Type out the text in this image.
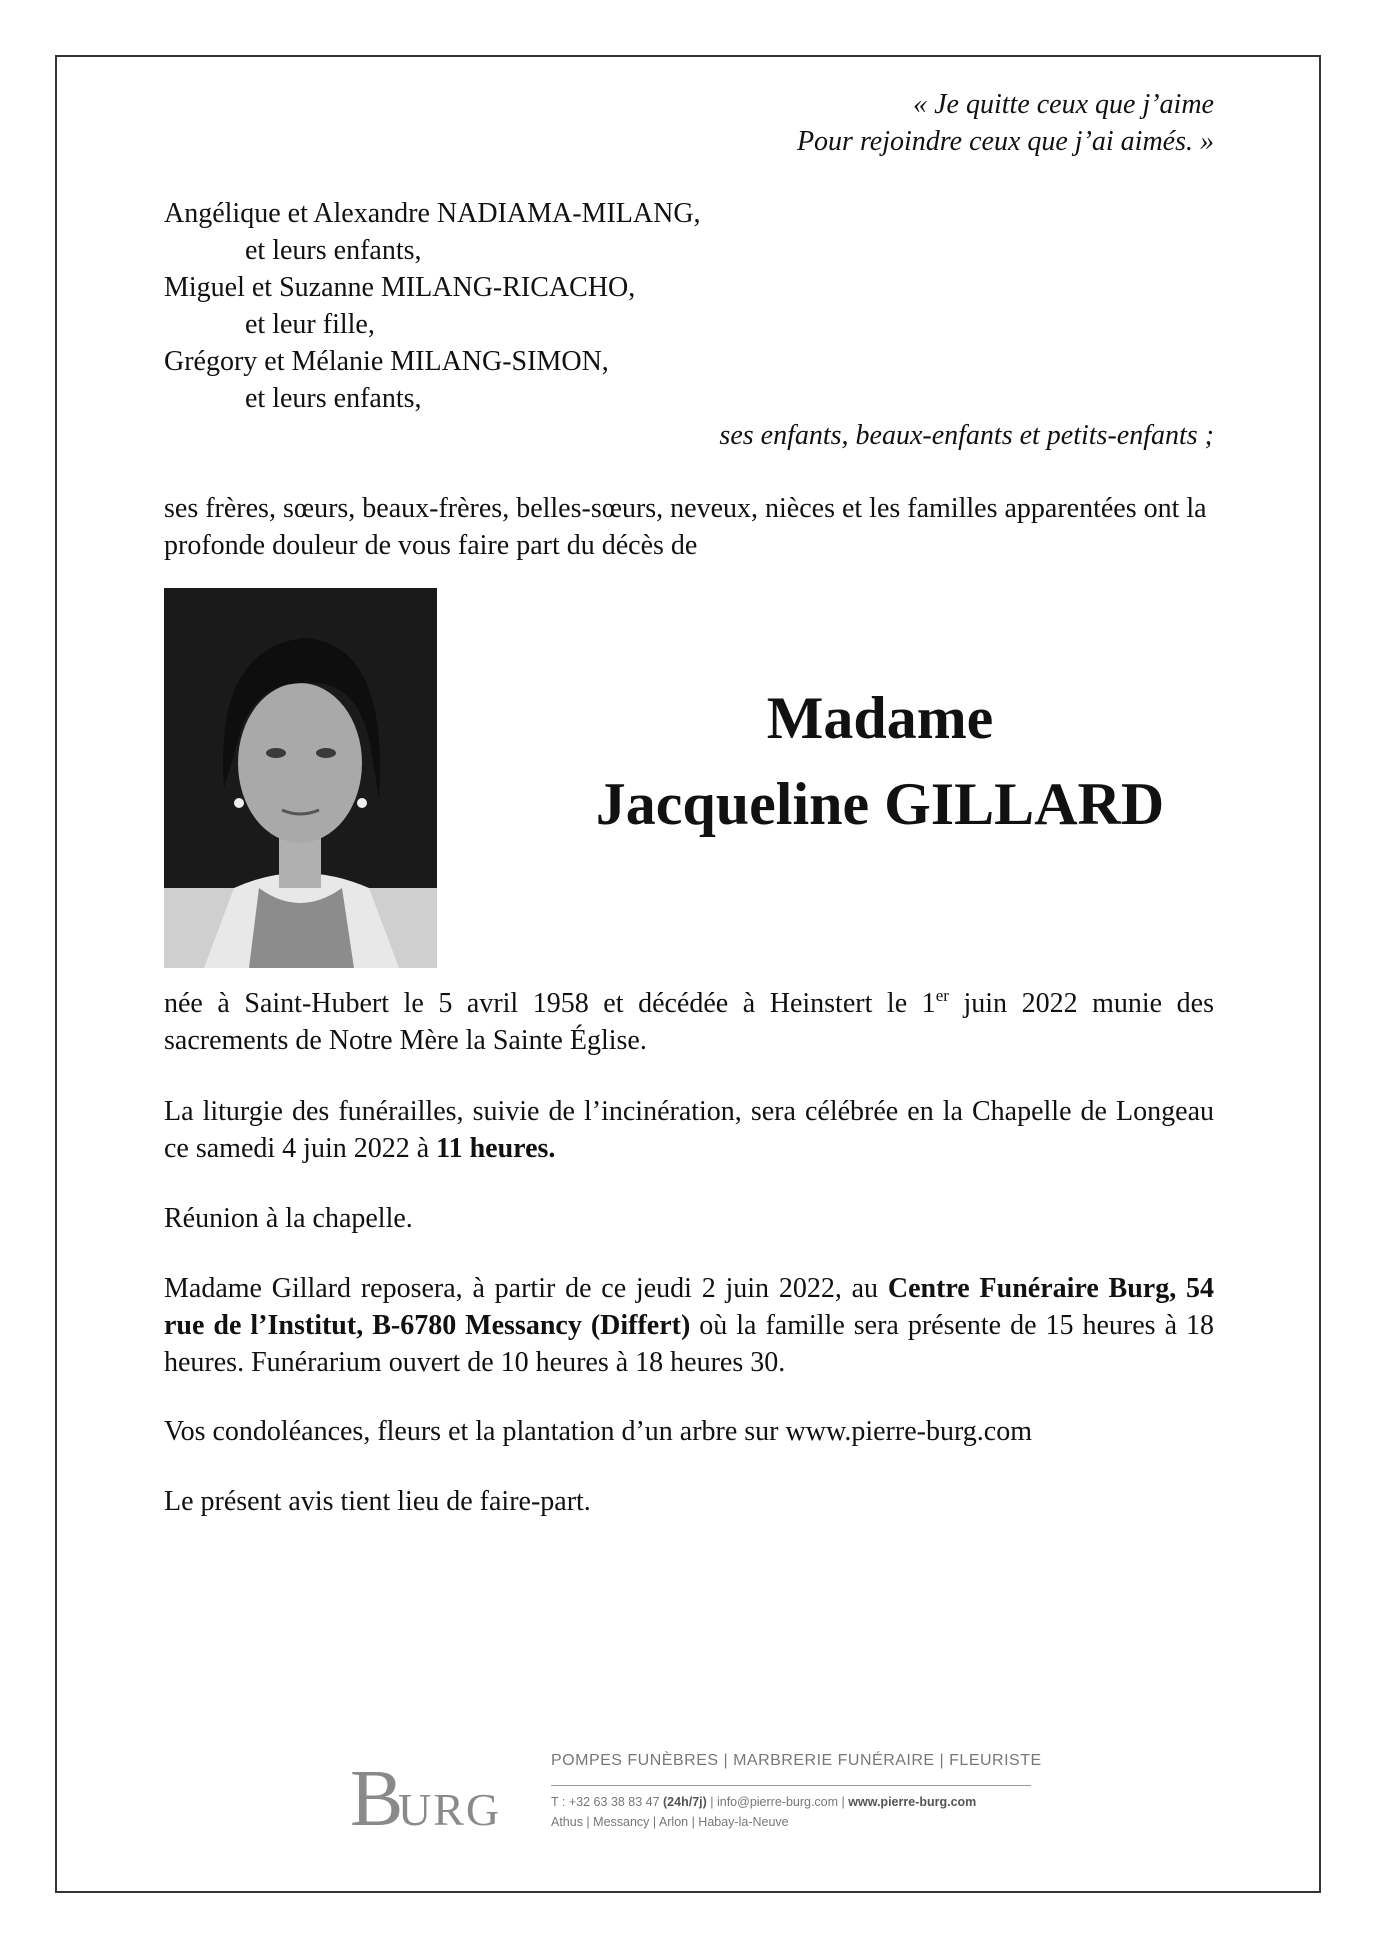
« Je quitte ceux que j’aime
Pour rejoindre ceux que j’ai aimés. »
Angélique et Alexandre NADIAMA-MILANG,
et leurs enfants,
Miguel et Suzanne MILANG-RICACHO,
et leur fille,
Grégory et Mélanie MILANG-SIMON,
et leurs enfants,
ses enfants, beaux-enfants et petits-enfants ;
ses frères, sœurs, beaux-frères, belles-sœurs, neveux, nièces et les familles apparentées ont la profonde douleur de vous faire part du décès de
Madame
Jacqueline GILLARD
née à Saint-Hubert le 5 avril 1958 et décédée à Heinstert le 1er juin 2022 munie des sacrements de Notre Mère la Sainte Église.
La liturgie des funérailles, suivie de l’incinération, sera célébrée en la Chapelle de Longeau ce samedi 4 juin 2022 à 11 heures.
Réunion à la chapelle.
Madame Gillard reposera, à partir de ce jeudi 2 juin 2022, au Centre Funéraire Burg, 54 rue de l’Institut, B-6780 Messancy (Differt) où la famille sera présente de 15 heures à 18 heures. Funérarium ouvert de 10 heures à 18 heures 30.
Vos condoléances, fleurs et la plantation d’un arbre sur www.pierre-burg.com
Le présent avis tient lieu de faire-part.
B
URG
POMPES FUNÈBRES | MARBRERIE FUNÉRAIRE | FLEURISTE
T : +32 63 38 83 47 (24h/7j) | info@pierre-burg.com | www.pierre-burg.com
Athus | Messancy | Arlon | Habay-la-Neuve
